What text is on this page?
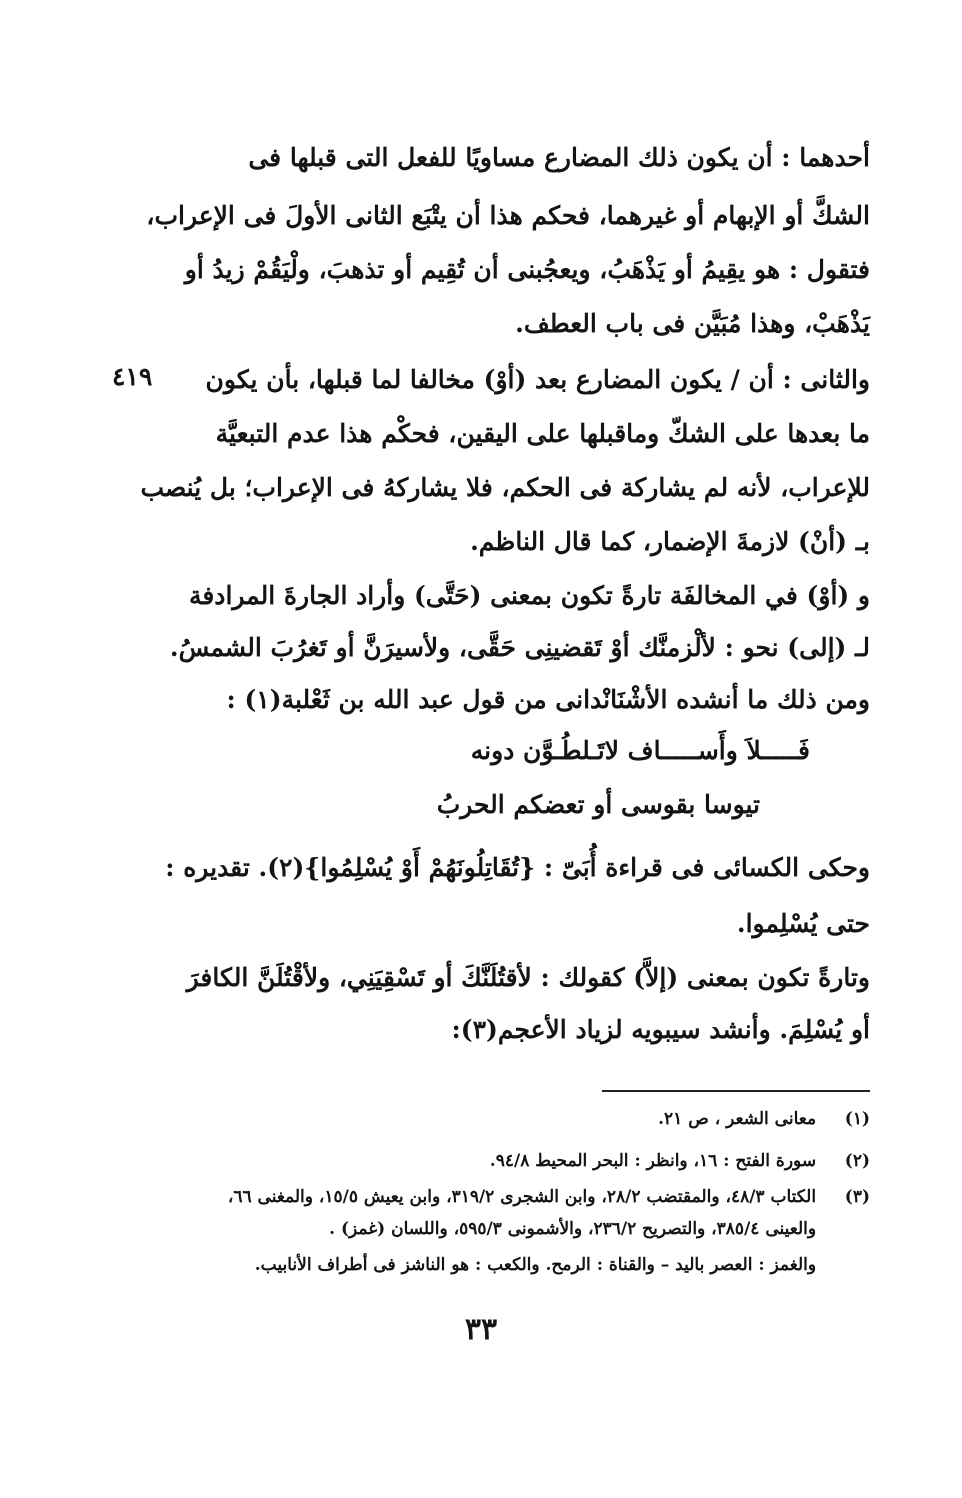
أحدهما : أن يكون ذلك المضارع مساويًا للفعل التى قبلها فى
الشكَّ أو الإبهام أو غيرهما، فحكم هذا أن يتْبَع الثانى الأولَ فى الإعراب،
فتقول : هو يقِيمُ أو يَذْهَبُ، ويعجُبنى أن تُقِيم أو تذهبَ، ولْيَقُمْ زيدُ أو
يَذْهَبْ، وهذا مُبَيَّن فى باب العطف.
٤١٩	والثانى : أن / يكون المضارع بعد (أوْ) مخالفا لما قبلها، بأن يكون
ما بعدها على الشكّ وماقبلها على اليقين، فحكْم هذا عدم التبعيَّة
للإعراب، لأنه لم يشاركة فى الحكم، فلا يشاركهُ فى الإعراب؛ بل يُنصب
بـ (أنْ) لازمةَ الإضمار، كما قال الناظم.
و (أوْ) في المخالفَة تارةً تكون بمعنى (حَتَّى) وأراد الجارةَ المرادفة
لـ (إلى) نحو : لألْزمنَّك أوْ تَقضينِى حَقَّى، ولأسيرَنَّ أو تَغرُبَ الشمسُ.
ومن ذلك ما أنشده الأشْنَانْدانى من قول عبد الله بن ثَعْلبة(١) :
فَـــــلاَ وأَســـــاف لاتَـلطُـوَّن دونه
تيوسا بقوسى أو تعضكم الحربُ
وحكى الكسائى فى قراءة أُبَىّ : {تُقَاتِلُونَهُمْ أَوْ يُسْلِمُوا}(٢). تقديره :
حتى يُسْلِموا.
وتارةً تكون بمعنى (إلاَّ) كقولك : لأقتُلَنَّكَ أو تَسْقِيَنِي، ولأقْتُلَنَّ الكافرَ
أو يُسْلِمَ. وأنشد سيبويه لزياد الأعجم(٣):
(١) معانى الشعر ، ص ٢١.
(٢) سورة الفتح : ١٦، وانظر : البحر المحيط ٩٤/٨.
(٣) الكتاب ٤٨/٣، والمقتضب ٢٨/٢، وابن الشجرى ٣١٩/٢، وابن يعيش ١٥/٥، والمغنى ٦٦،
والعينى ٣٨٥/٤، والتصريح ٢٣٦/٢، والأشمونى ٥٩٥/٣، واللسان (غمز) .
والغمز : العصر باليد – والقناة : الرمح. والكعب : هو الناشز فى أطراف الأنابيب.
٣٣
